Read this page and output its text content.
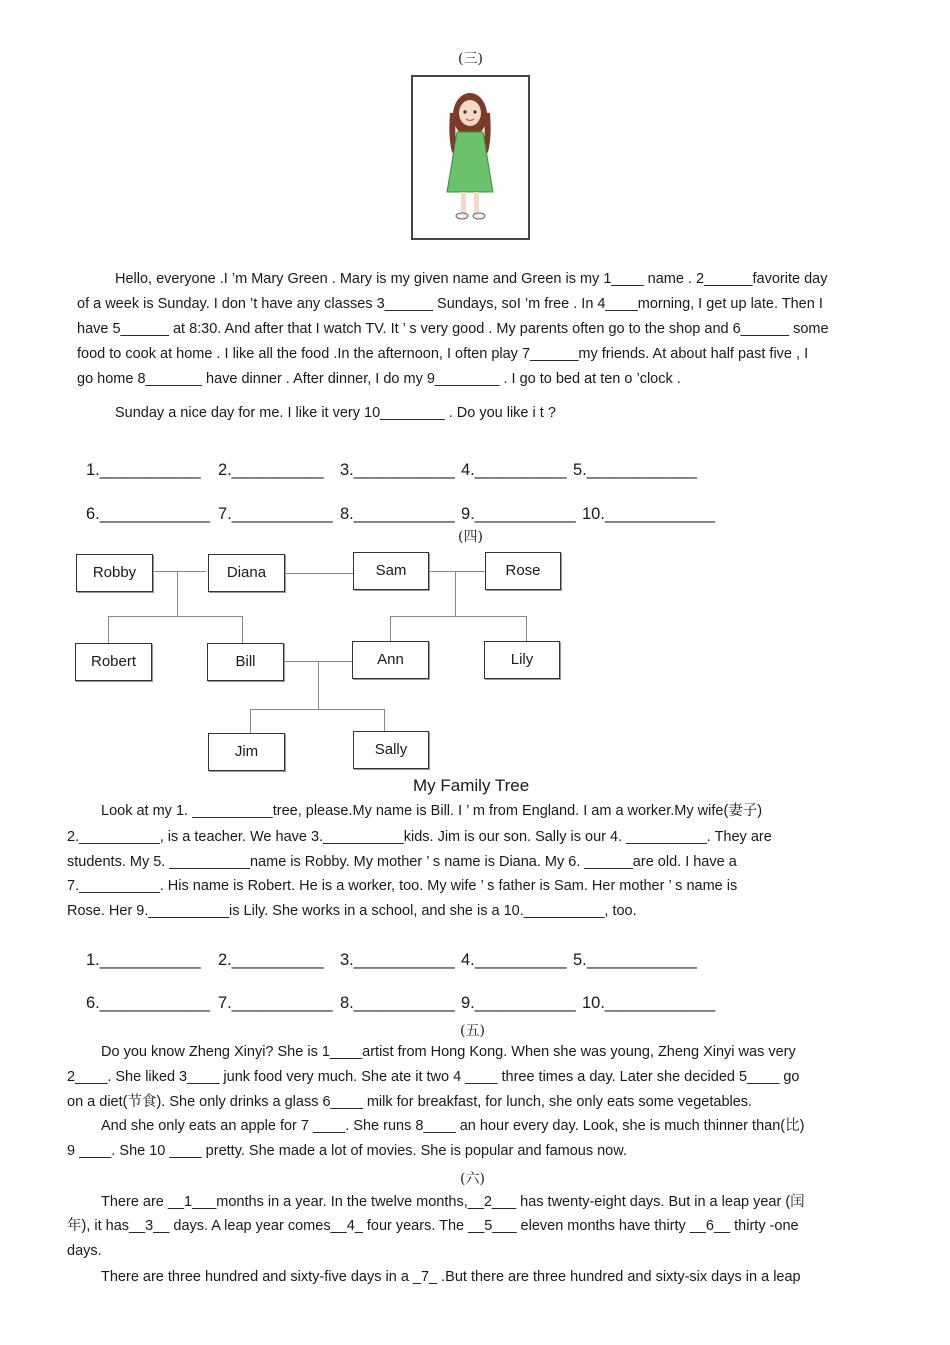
(三)
Hello, everyone .I ’m Mary Green . Mary is my given name and Green is my 1____ name . 2______favorite day
of a week is Sunday. I don ’t have any classes 3______ Sundays, soI ’m free . In 4____morning, I get up late. Then I
have 5______ at 8:30. And after that I watch TV. It ’ s very good . My parents often go to the shop and 6______ some
food to cook at home . I like all the food .In the afternoon, I often play 7______my friends. At about half past five , I
go home 8_______ have dinner . After dinner, I do my 9________ . I go to bed at ten o ’clock .
Sunday a nice day for me. I like it very 10________ . Do you like i t ?
1.___________ 2.__________ 3.___________ 4.__________ 5.____________
6.____________ 7.___________ 8.___________ 9.___________ 10.____________
(四)
Robby	Diana	Sam	Rose
Robert	Bill	Ann	Lily
Jim	Sally
My Family Tree
Look at my 1. __________tree, please.My name is Bill. I ’ m from England. I am a worker.My wife(妻子)
2.__________, is a teacher. We have 3.__________kids. Jim is our son. Sally is our 4. __________. They are
students. My 5. __________name is Robby. My mother ’ s name is Diana. My 6. ______are old. I have a
7.__________. His name is Robert. He is a worker, too. My wife ’ s father is Sam. Her mother ’ s name is
Rose. Her 9.__________is Lily. She works in a school, and she is a 10.__________, too.
1.___________ 2.__________ 3.___________ 4.__________ 5.____________
6.____________ 7.___________ 8.___________ 9.___________ 10.____________
(五)
Do you know Zheng Xinyi? She is 1____artist from Hong Kong. When she was young, Zheng Xinyi was very
2____. She liked 3____ junk food very much. She ate it two 4 ____ three times a day. Later she decided 5____ go
on a diet(节食). She only drinks a glass 6____ milk for breakfast, for lunch, she only eats some vegetables.
And she only eats an apple for 7 ____. She runs 8____ an hour every day. Look, she is much thinner than(比)
9 ____. She 10 ____ pretty. She made a lot of movies. She is popular and famous now.
(六)
There are __1___months in a year. In the twelve months,__2___ has twenty-eight days. But in a leap year (闰
年), it has__3__ days. A leap year comes__4_ four years. The __5___ eleven months have thirty __6__ thirty -one
days.
There are three hundred and sixty-five days in a _7_ .But there are three hundred and sixty-six days in a leap
